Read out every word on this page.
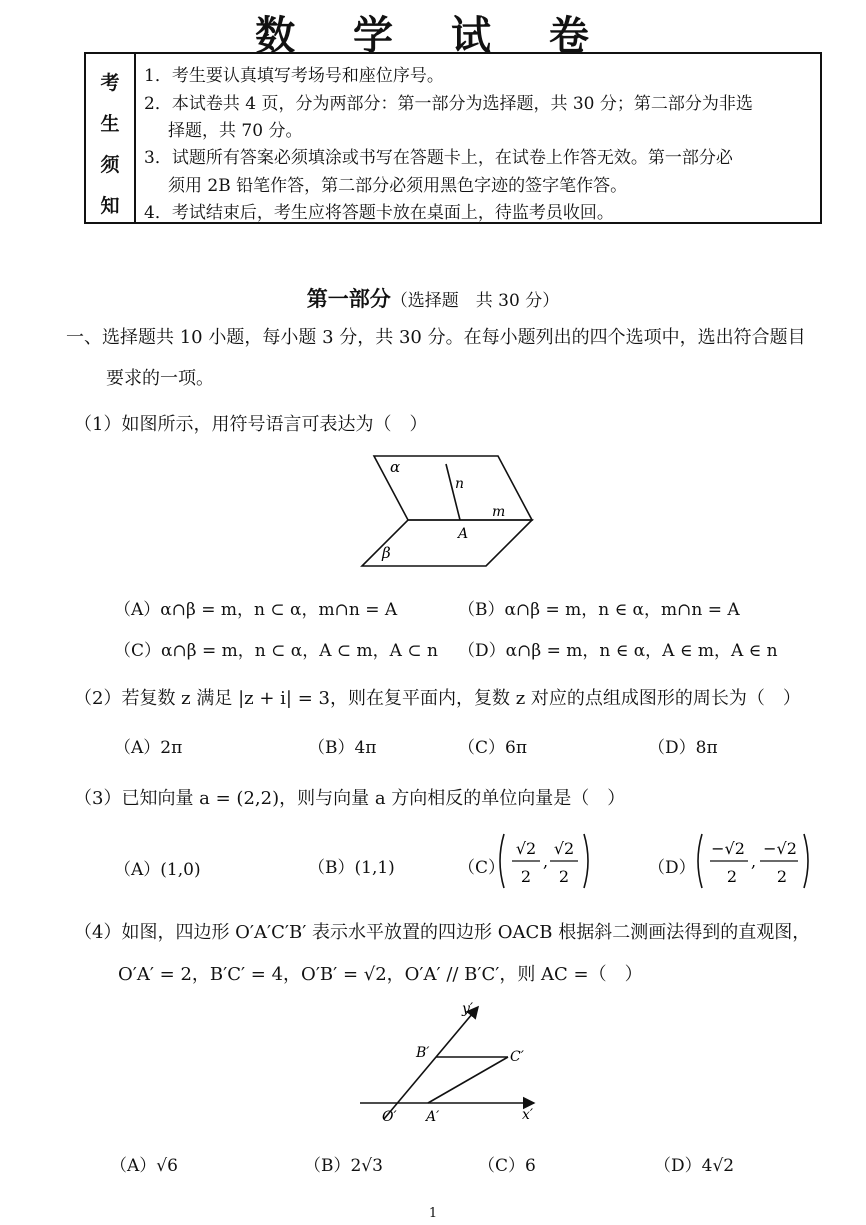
数 学 试 卷
考
生
须
知
1．考生要认真填写考场号和座位序号。
2．本试卷共 4 页，分为两部分：第一部分为选择题，共 30 分；第二部分为非选
择题，共 70 分。
3．试题所有答案必须填涂或书写在答题卡上，在试卷上作答无效。第一部分必
须用 2B 铅笔作答，第二部分必须用黑色字迹的签字笔作答。
4．考试结束后，考生应将答题卡放在桌面上，待监考员收回。
第一部分（选择题　共 30 分）
一、选择题共 10 小题，每小题 3 分，共 30 分。在每小题列出的四个选项中，选出符合题目
要求的一项。
（1）如图所示，用符号语言可表达为（　）
α
n
m
A
β
（A）α∩β = m，n ⊂ α，m∩n = A	（B）α∩β = m，n ∈ α，m∩n = A
（C）α∩β = m，n ⊂ α，A ⊂ m，A ⊂ n （D）α∩β = m，n ∈ α，A ∈ m，A ∈ n
（2）若复数 z 满足 |z + i| = 3，则在复平面内，复数 z 对应的点组成图形的周长为（　）
（A）2π	（B）4π	（C）6π	（D）8π
（3）已知向量 a = (2,2)，则与向量 a 方向相反的单位向量是（　）
（A）(1,0)	（B）(1,1)	（C）
√2
2
,
√2
2	（D）
−√2
2
,
−√2
2
（4）如图，四边形 O′A′C′B′ 表示水平放置的四边形 OACB 根据斜二测画法得到的直观图，
O′A′ = 2，B′C′ = 4，O′B′ = √2，O′A′ // B′C′，则 AC =（　）
y′
B′	C′
O′ A′	x′
（A）√6	（B）2√3	（C）6	（D）4√2
1
